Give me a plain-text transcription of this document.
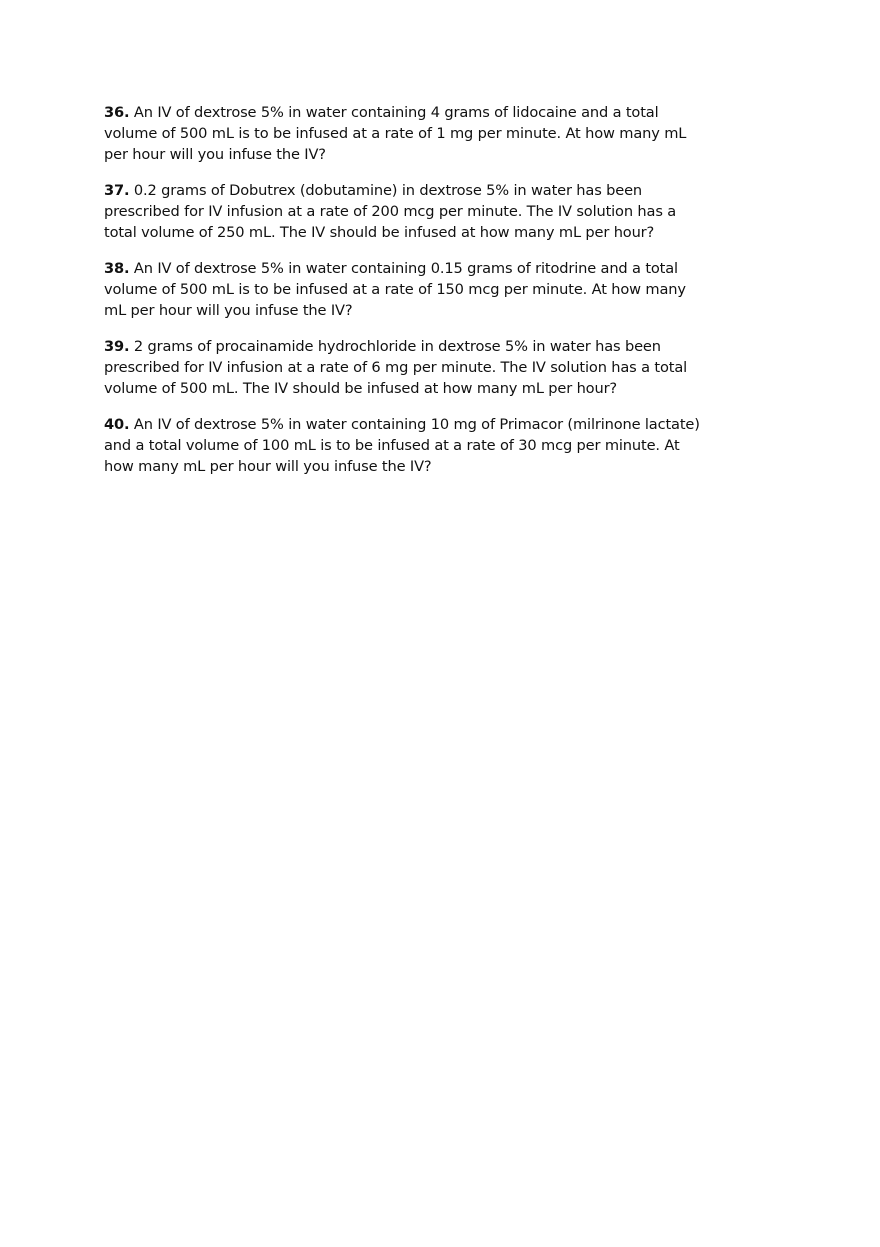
36. An IV of dextrose 5% in water containing 4 grams of lidocaine and a total
volume of 500 mL is to be infused at a rate of 1 mg per minute. At how many mL
per hour will you infuse the IV?
37. 0.2 grams of Dobutrex (dobutamine) in dextrose 5% in water has been
prescribed for IV infusion at a rate of 200 mcg per minute. The IV solution has a
total volume of 250 mL. The IV should be infused at how many mL per hour?
38. An IV of dextrose 5% in water containing 0.15 grams of ritodrine and a total
volume of 500 mL is to be infused at a rate of 150 mcg per minute. At how many
mL per hour will you infuse the IV?
39. 2 grams of procainamide hydrochloride in dextrose 5% in water has been
prescribed for IV infusion at a rate of 6 mg per minute. The IV solution has a total
volume of 500 mL. The IV should be infused at how many mL per hour?
40. An IV of dextrose 5% in water containing 10 mg of Primacor (milrinone lactate)
and a total volume of 100 mL is to be infused at a rate of 30 mcg per minute. At
how many mL per hour will you infuse the IV?
